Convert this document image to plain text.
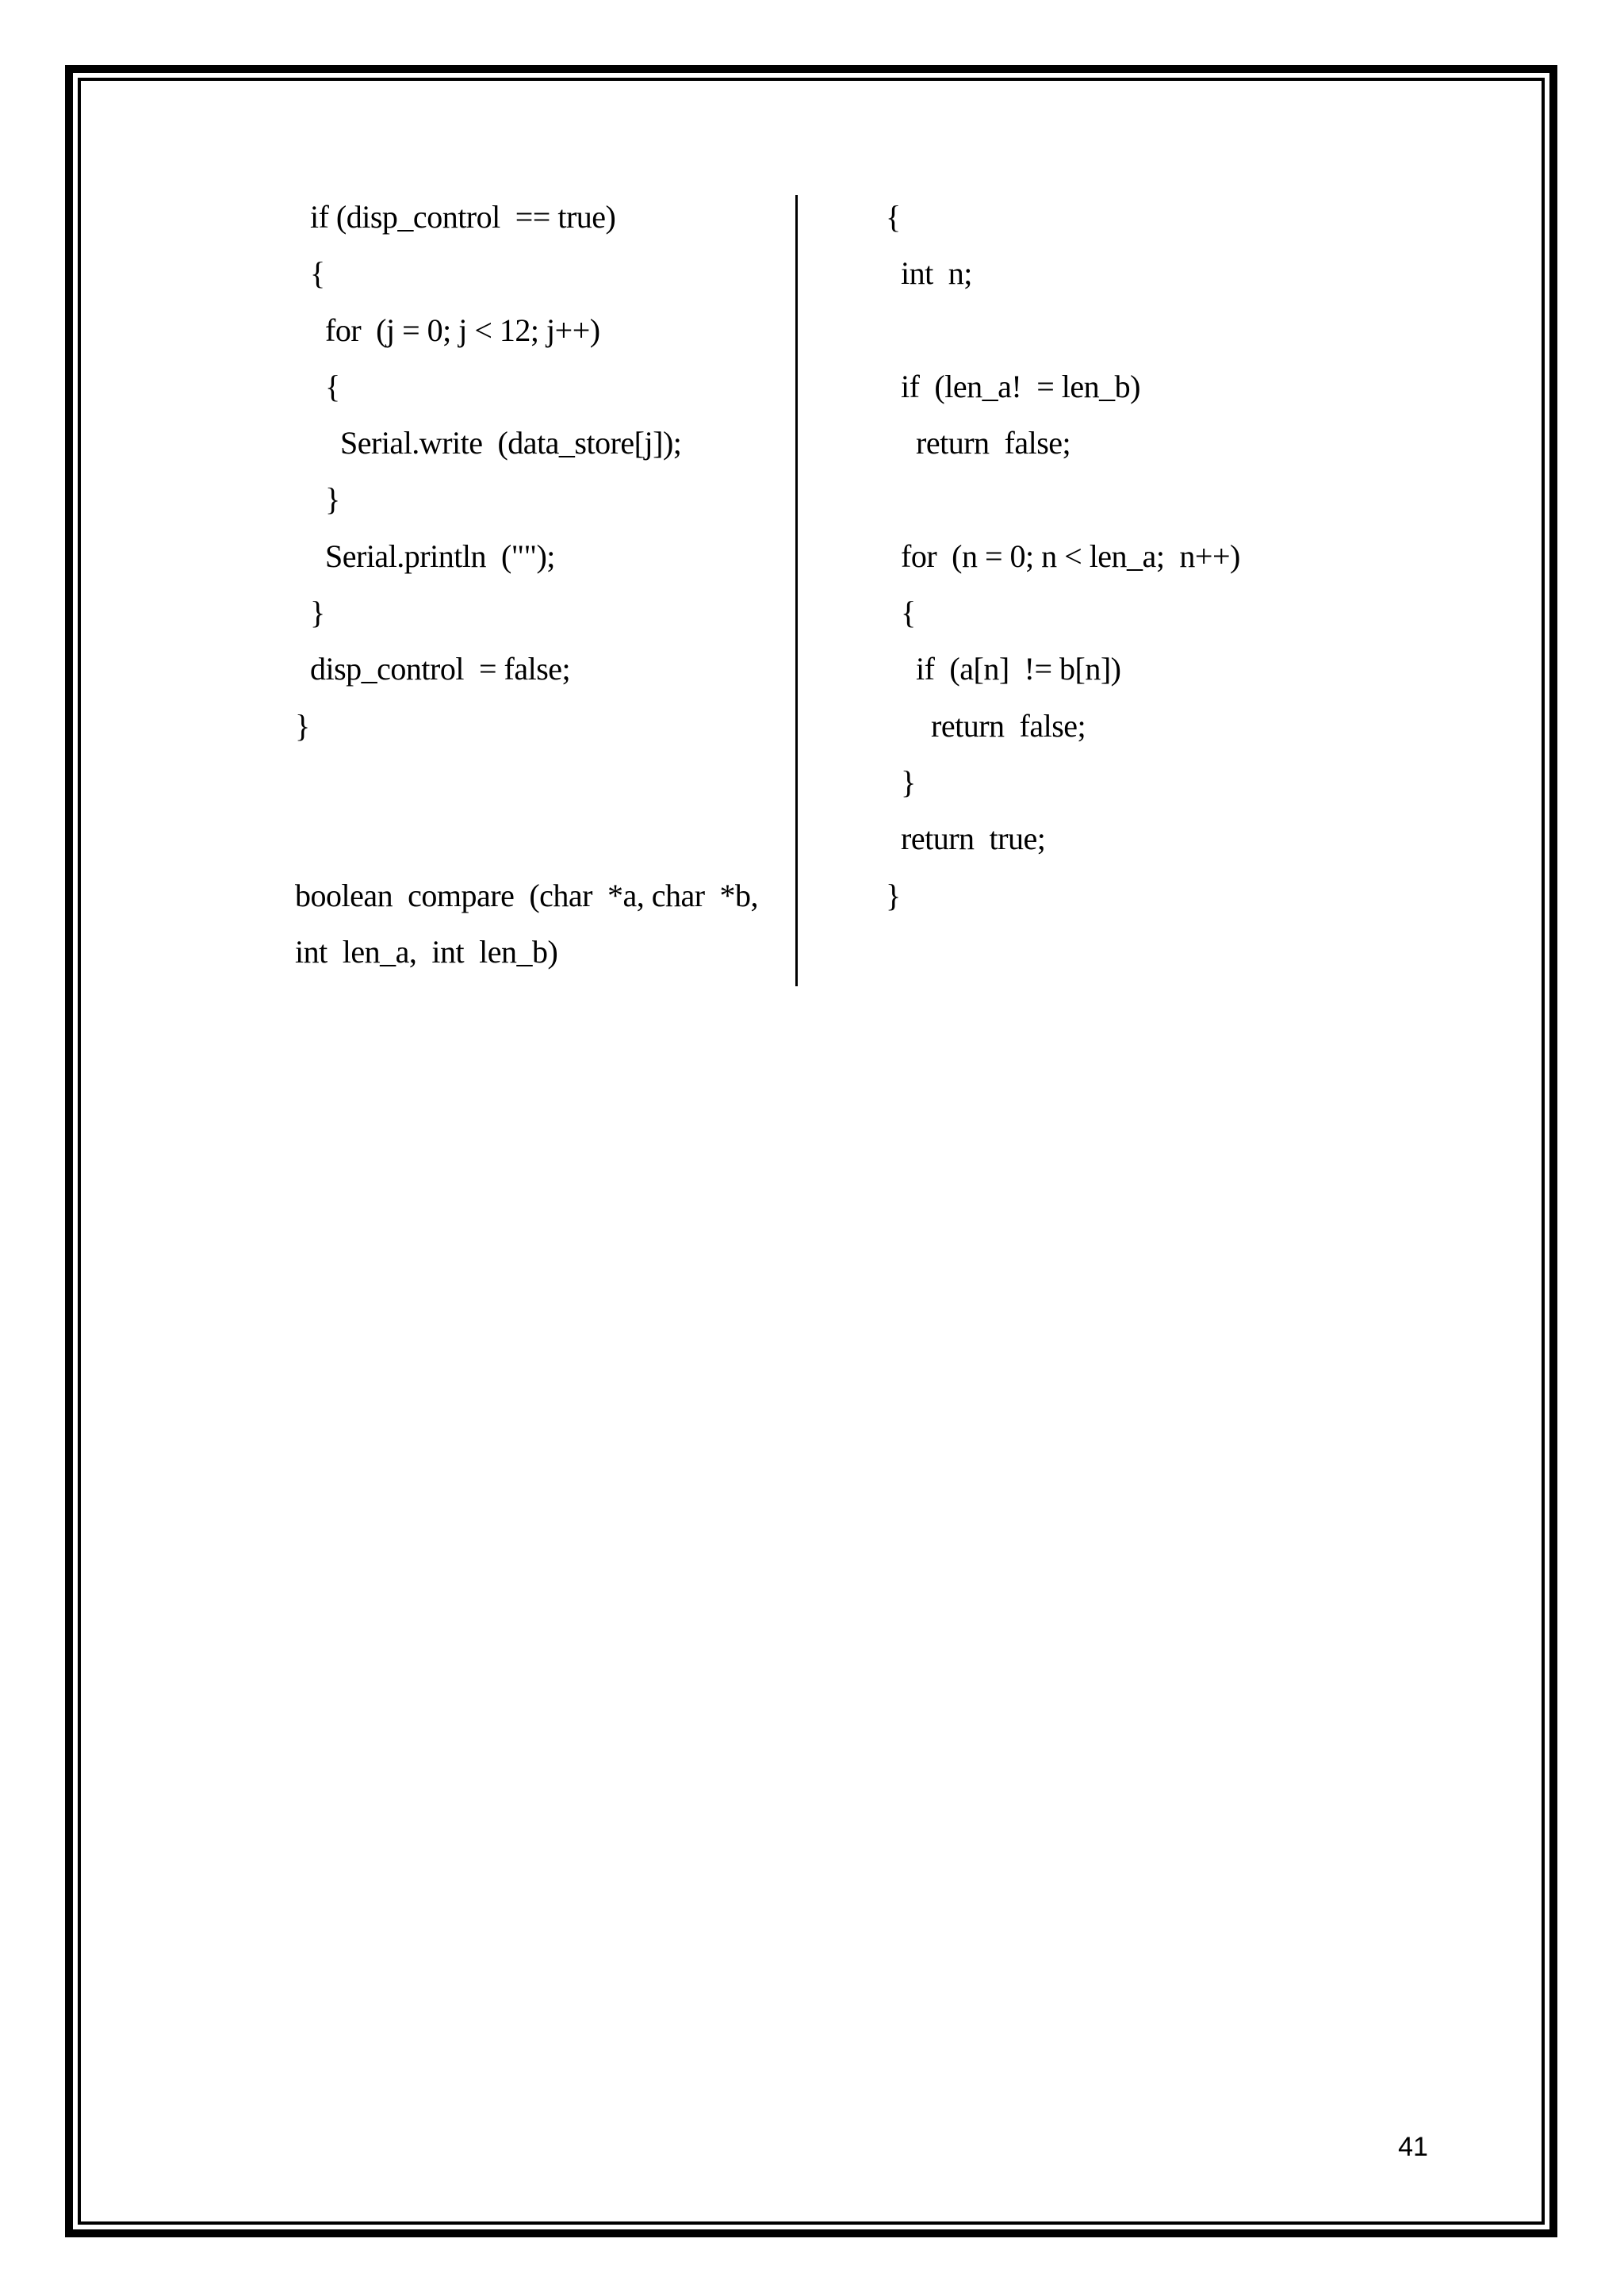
if (disp_control  == true)
{
for  (j = 0; j < 12; j++)
{
Serial.write  (data_store[j]);
}
Serial.println  ("");
}
disp_control  = false;
}
boolean  compare  (char  *a, char  *b,
int  len_a,  int  len_b)
{
int  n;
if  (len_a!  = len_b)
return  false;
for  (n = 0; n < len_a;  n++)
{
if  (a[n]  != b[n])
return  false;
}
return  true;
}
41
